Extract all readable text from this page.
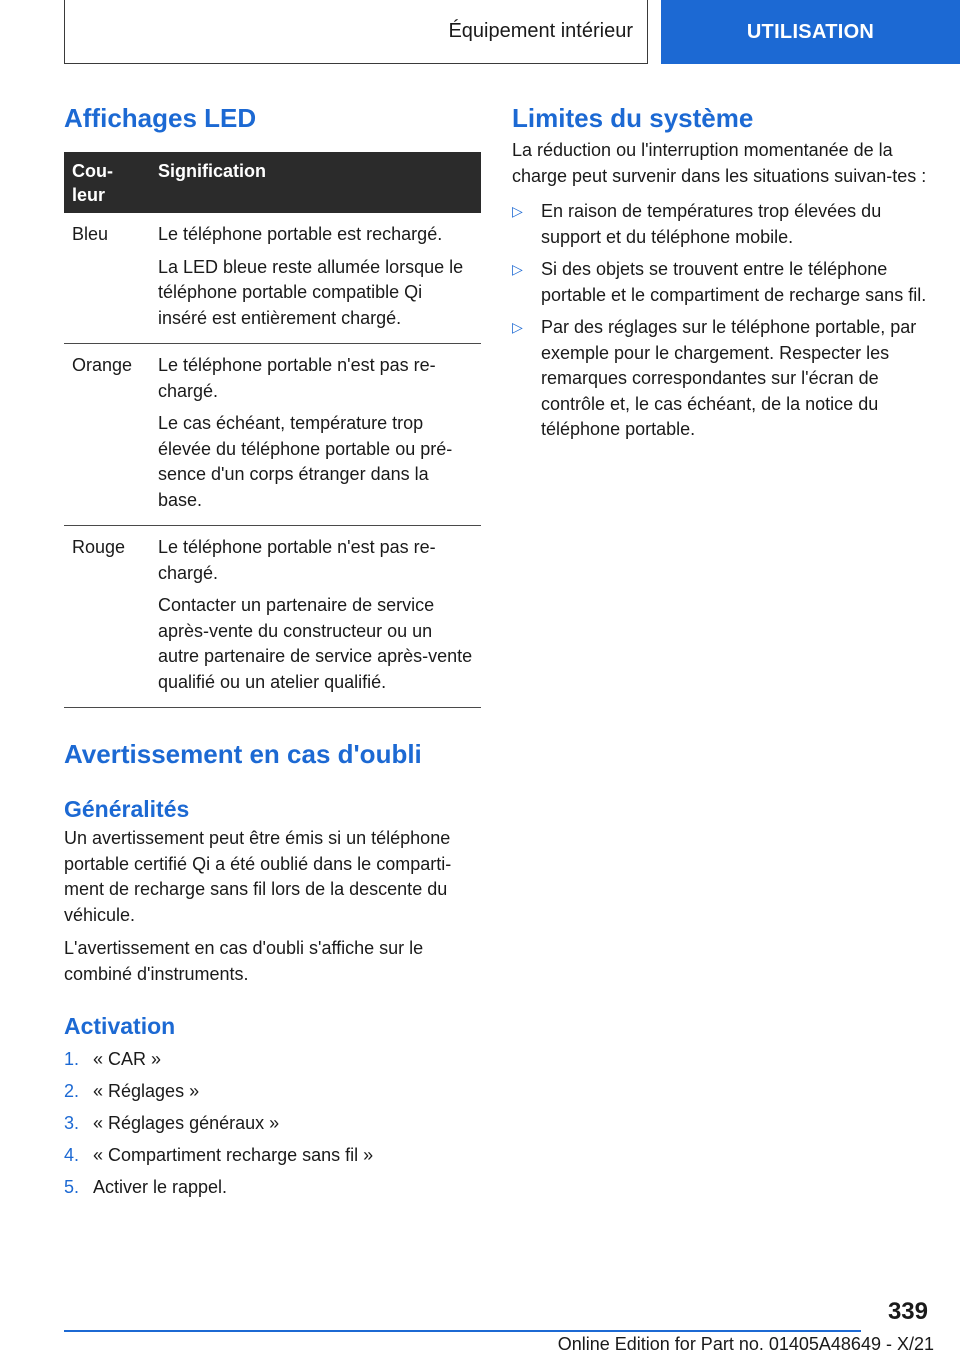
Équipement intérieur	UTILISATION
Affichages LED
Cou-
leur	Signification
Bleu	Le téléphone portable est rechargé.
La LED bleue reste allumée lorsque le téléphone portable compatible Qi inséré est entièrement chargé.

Orange	Le téléphone portable n'est pas re-chargé.
Le cas échéant, température trop élevée du téléphone portable ou pré-sence d'un corps étranger dans la base.

Rouge	Le téléphone portable n'est pas re-chargé.
Contacter un partenaire de service après-vente du constructeur ou un autre partenaire de service après-vente qualifié ou un atelier qualifié.
Avertissement en cas d'oubli
Généralités

Un avertissement peut être émis si un téléphone portable certifié Qi a été oublié dans le comparti-ment de recharge sans fil lors de la descente du véhicule.

L'avertissement en cas d'oubli s'affiche sur le combiné d'instruments.

Activation
1. « CAR »
2. « Réglages »
3. « Réglages généraux »
4. « Compartiment recharge sans fil »
5. Activer le rappel.
Limites du système

La réduction ou l'interruption momentanée de la charge peut survenir dans les situations suivan-tes :

▷ En raison de températures trop élevées du support et du téléphone mobile.
▷ Si des objets se trouvent entre le téléphone portable et le compartiment de recharge sans fil.
▷ Par des réglages sur le téléphone portable, par exemple pour le chargement. Respecter les remarques correspondantes sur l'écran de contrôle et, le cas échéant, de la notice du téléphone portable.
339
Online Edition for Part no. 01405A48649 - X/21
